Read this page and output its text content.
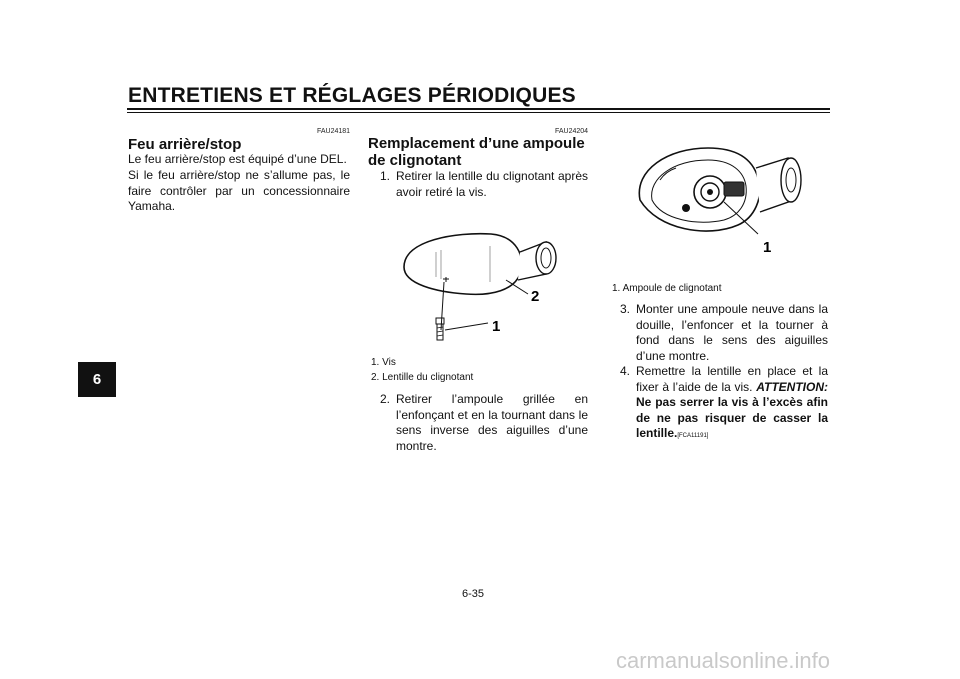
ENTRETIENS ET RÉGLAGES PÉRIODIQUES
6
FAU24181
Feu arrière/stop
Le feu arrière/stop est équipé d’une DEL.
Si le feu arrière/stop ne s’allume pas, le faire contrôler par un concessionnaire Yamaha.
FAU24204
Remplacement d’une ampoule
de clignotant
1. Retirer la lentille du clignotant après avoir retiré la vis.
1
2
1. Vis
2. Lentille du clignotant
2. Retirer l’ampoule grillée en l’enfonçant et en la tournant dans le sens inverse des aiguilles d’une montre.
1
1. Ampoule de clignotant
3. Monter une ampoule neuve dans la douille, l’enfoncer et la tourner à fond dans le sens des aiguilles d’une montre.
4. Remettre la lentille en place et la fixer à l’aide de la vis. ATTENTION: Ne pas serrer la vis à l’excès afin de ne pas risquer de casser la lentille.[FCA11191]
6-35
carmanualsonline.info
